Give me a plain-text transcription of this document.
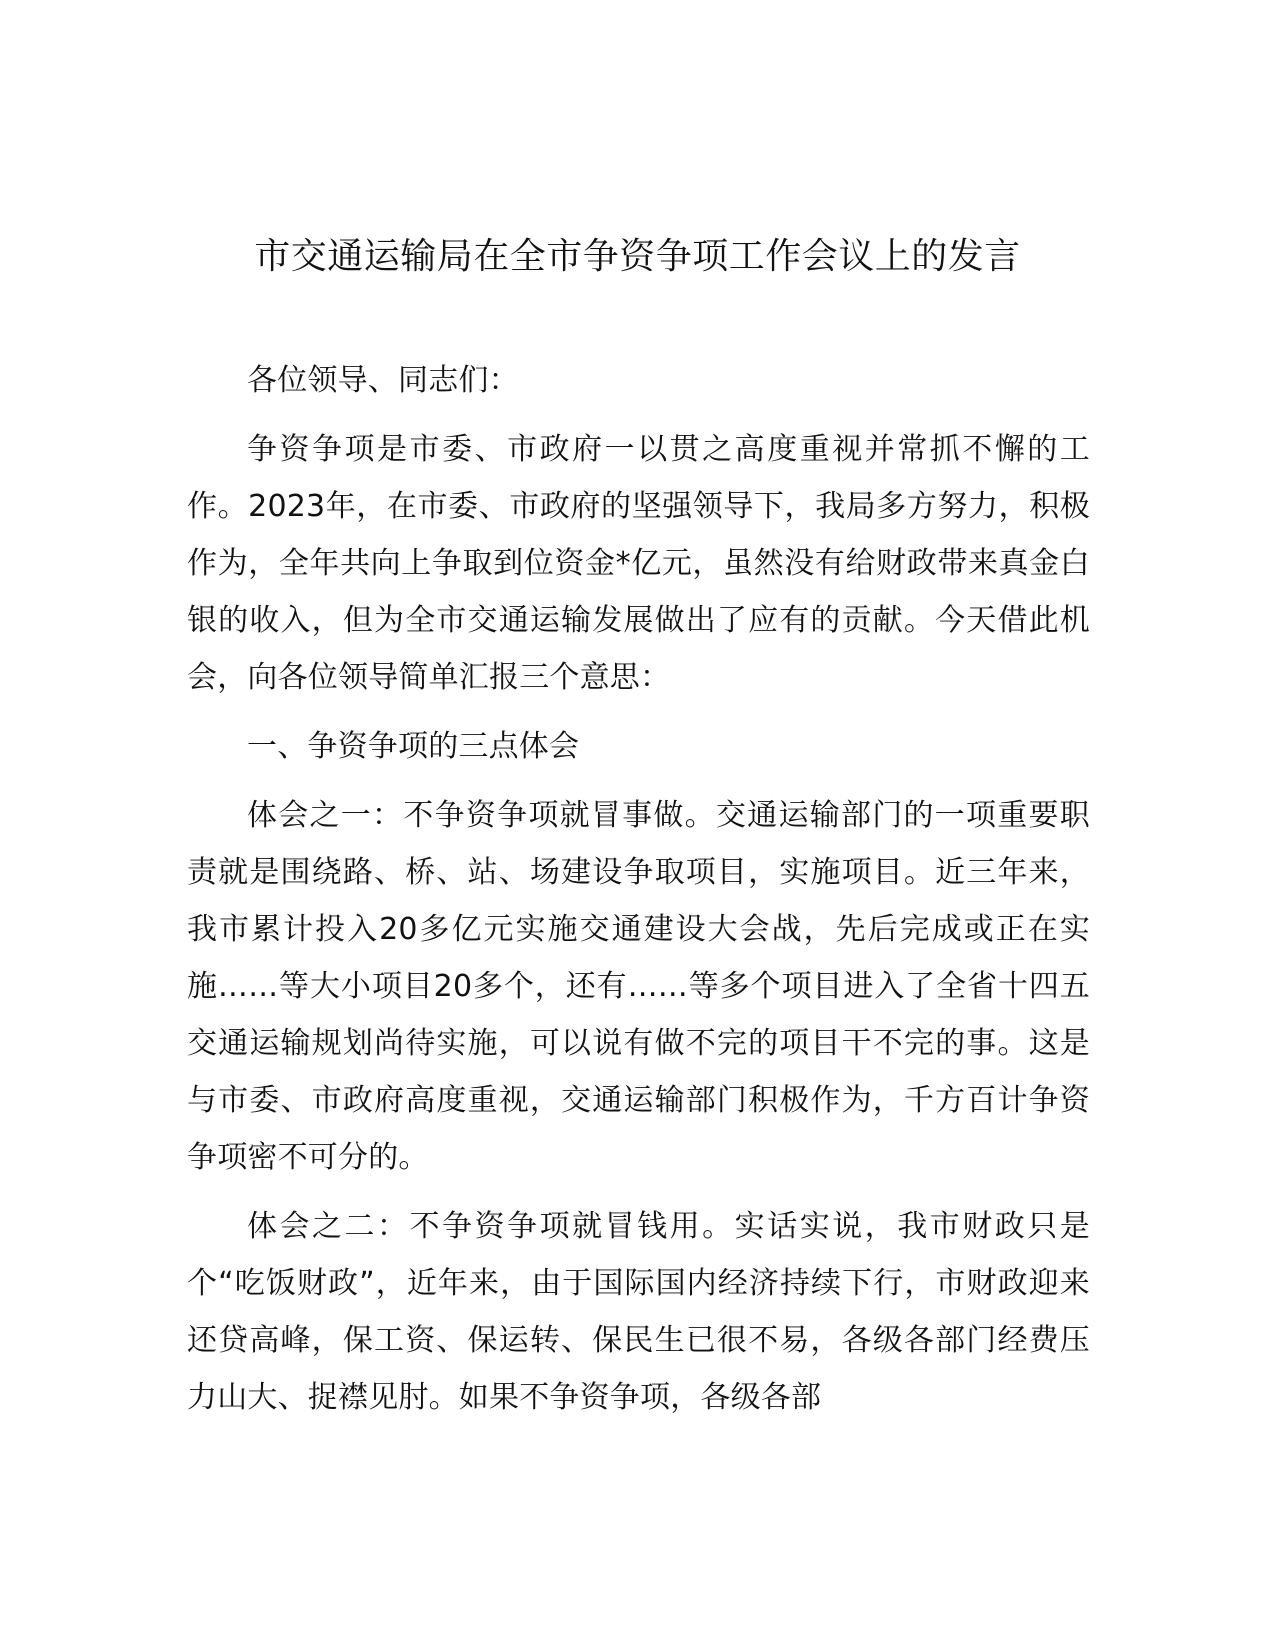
市交通运输局在全市争资争项工作会议上的发言

各位领导、同志们：

争资争项是市委、市政府一以贯之高度重视并常抓不懈的工作。2023年，在市委、市政府的坚强领导下，我局多方努力，积极作为，全年共向上争取到位资金*亿元，虽然没有给财政带来真金白银的收入，但为全市交通运输发展做出了应有的贡献。今天借此机会，向各位领导简单汇报三个意思：

一、争资争项的三点体会

体会之一：不争资争项就冒事做。交通运输部门的一项重要职责就是围绕路、桥、站、场建设争取项目，实施项目。近三年来，我市累计投入20多亿元实施交通建设大会战，先后完成或正在实施……等大小项目20多个，还有……等多个项目进入了全省十四五交通运输规划尚待实施，可以说有做不完的项目干不完的事。这是与市委、市政府高度重视，交通运输部门积极作为，千方百计争资争项密不可分的。

体会之二：不争资争项就冒钱用。实话实说，我市财政只是个“吃饭财政”，近年来，由于国际国内经济持续下行，市财政迎来还贷高峰，保工资、保运转、保民生已很不易，各级各部门经费压力山大、捉襟见肘。如果不争资争项，各级各部
